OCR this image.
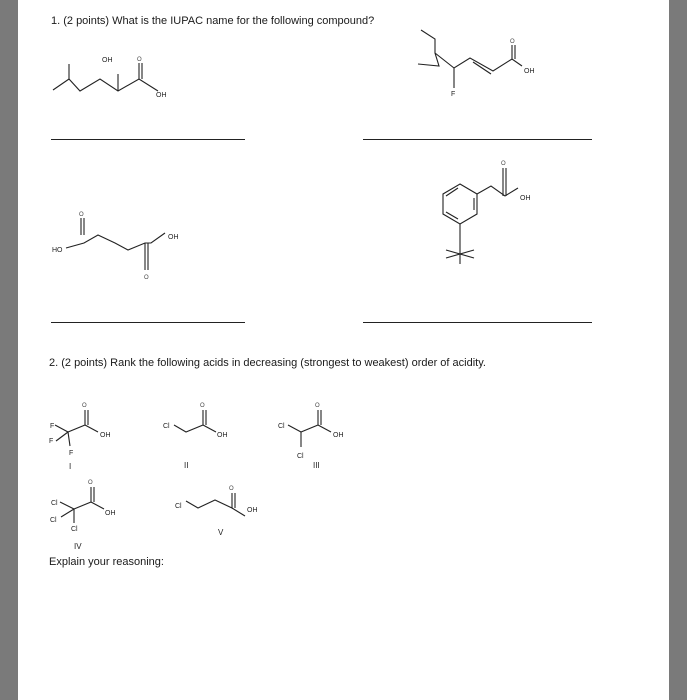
1. (2 points) What is the IUPAC name for the following compound?

2. (2 points) Rank the following acids in decreasing (strongest to weakest) order of acidity.

Explain your reasoning:

OH	O
OH	F
O
OH
HO
O
OH
O
O
OH
F
F
F
O
OH
I
Cl
O
OH
II
Cl
Cl
O
OH
III
Cl
Cl
Cl
O
OH
IV
Cl
O
OH
V
